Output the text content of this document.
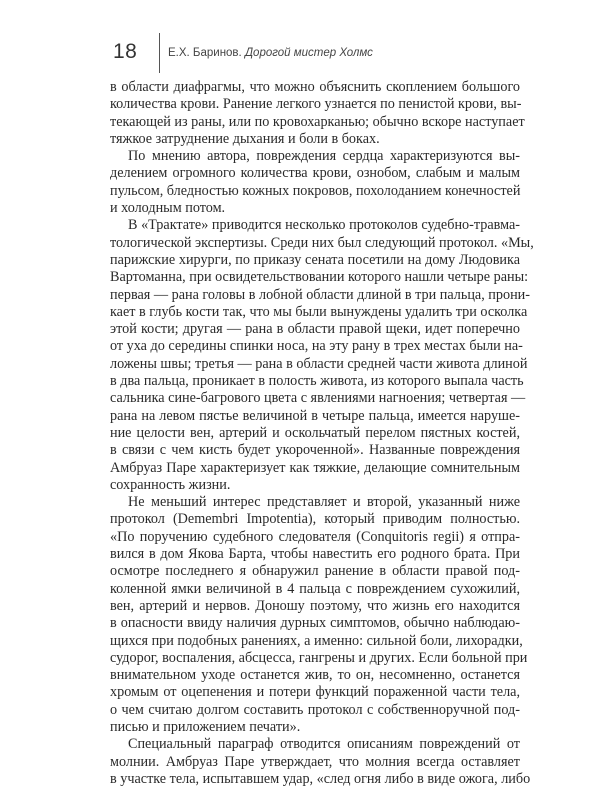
18	Е.Х. Баринов. Дорогой мистер Холмс

в области диафрагмы, что можно объяснить скоплением большого
количества крови. Ранение легкого узнается по пенистой крови, вы-
текающей из раны, или по кровохарканью; обычно вскоре наступает
тяжкое затруднение дыхания и боли в боках.

По мнению автора, повреждения сердца характеризуются вы-
делением огромного количества крови, ознобом, слабым и малым
пульсом, бледностью кожных покровов, похолоданием конечностей
и холодным потом.

В «Трактате» приводится несколько протоколов судебно-травма-
тологической экспертизы. Среди них был следующий протокол. «Мы,
парижские хирурги, по приказу сената посетили на дому Людовика
Вартоманна, при освидетельствовании которого нашли четыре раны:
первая — рана головы в лобной области длиной в три пальца, прони-
кает в глубь кости так, что мы были вынуждены удалить три осколка
этой кости; другая — рана в области правой щеки, идет поперечно
от уха до середины спинки носа, на эту рану в трех местах были на-
ложены швы; третья — рана в области средней части живота длиной
в два пальца, проникает в полость живота, из которого выпала часть
сальника сине-багрового цвета с явлениями нагноения; четвертая —
рана на левом пястье величиной в четыре пальца, имеется наруше-
ние целости вен, артерий и оскольчатый перелом пястных костей,
в связи с чем кисть будет укороченной». Названные повреждения
Амбруаз Паре характеризует как тяжкие, делающие сомнительным
сохранность жизни.

Не меньший интерес представляет и второй, указанный ниже
протокол (Demembri Impotentia), который приводим полностью.
«По поручению судебного следователя (Conquitoris regii) я отпра-
вился в дом Якова Барта, чтобы навестить его родного брата. При
осмотре последнего я обнаружил ранение в области правой под-
коленной ямки величиной в 4 пальца с повреждением сухожилий,
вен, артерий и нервов. Доношу поэтому, что жизнь его находится
в опасности ввиду наличия дурных симптомов, обычно наблюдаю-
щихся при подобных ранениях, а именно: сильной боли, лихорадки,
судорог, воспаления, абсцесса, гангрены и других. Если больной при
внимательном уходе останется жив, то он, несомненно, останется
хромым от оцепенения и потери функций пораженной части тела,
о чем считаю долгом составить протокол с собственноручной под-
писью и приложением печати».

Специальный параграф отводится описаниям повреждений от
молнии. Амбруаз Паре утверждает, что молния всегда оставляет
в участке тела, испытавшем удар, «след огня либо в виде ожога, либо
